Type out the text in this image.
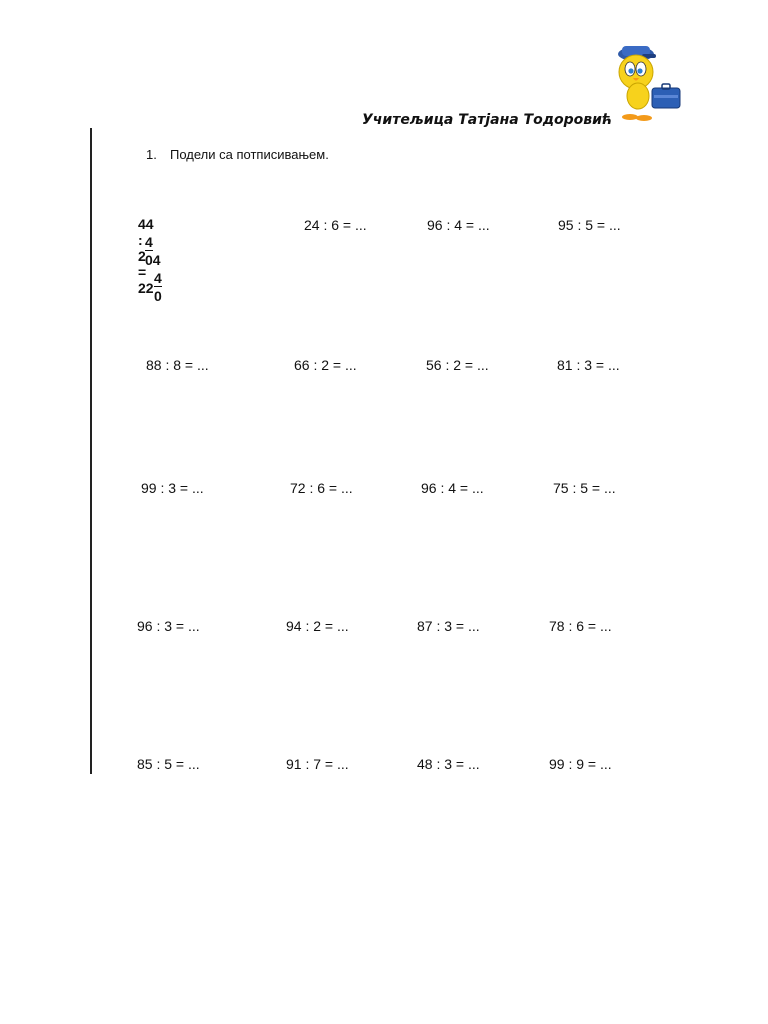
Учитељица Татјана Тодоровић
1. Подели са потписивањем.
44 : 2 = 22
4
04
4
0
24 : 6 = ...	96 : 4 = ...	95 : 5 = ...
88 : 8 = ...	66 : 2 = ...	56 : 2 = ...	81 : 3 = ...
99 : 3 = ...	72 : 6 = ...	96 : 4 = ...	75 : 5 = ...
96 : 3 = ...	94 : 2 = ...	87 : 3 = ...	78 : 6 = ...
85 : 5 = ...	91 : 7 = ...	48 : 3 = ...	99 : 9 = ...
